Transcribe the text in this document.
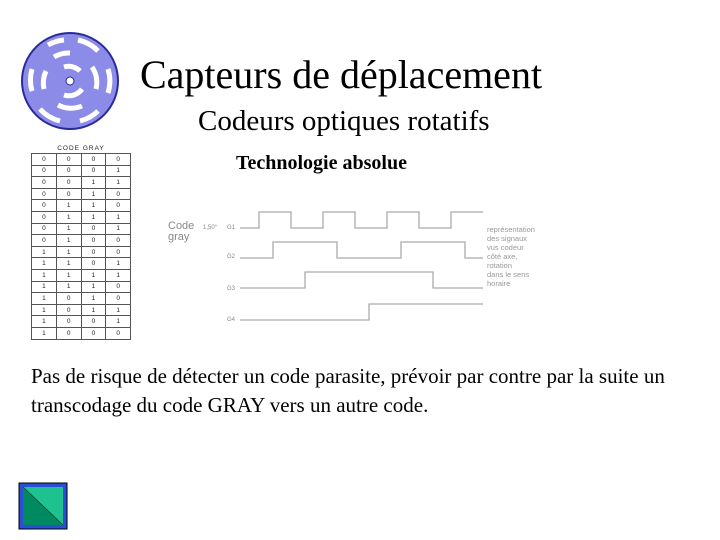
Capteurs de déplacement
Codeurs optiques rotatifs
Technologie absolue
CODE GRAY
0	0	0	0
0	0	0	1
0	0	1	1
0	0	1	0
0	1	1	0
0	1	1	1
0	1	0	1
0	1	0	0
1	1	0	0
1	1	0	1
1	1	1	1
1	1	1	0
1	0	1	0
1	0	1	1
1	0	0	1
1	0	0	0
Code
gray
1,50° G1
G2
G3
G4
représentation
des signaux
vus codeur
côté axe,
rotation
dans le sens
horaire
Pas de risque de détecter un code parasite, prévoir par contre par la suite un transcodage du code GRAY vers un autre code.
